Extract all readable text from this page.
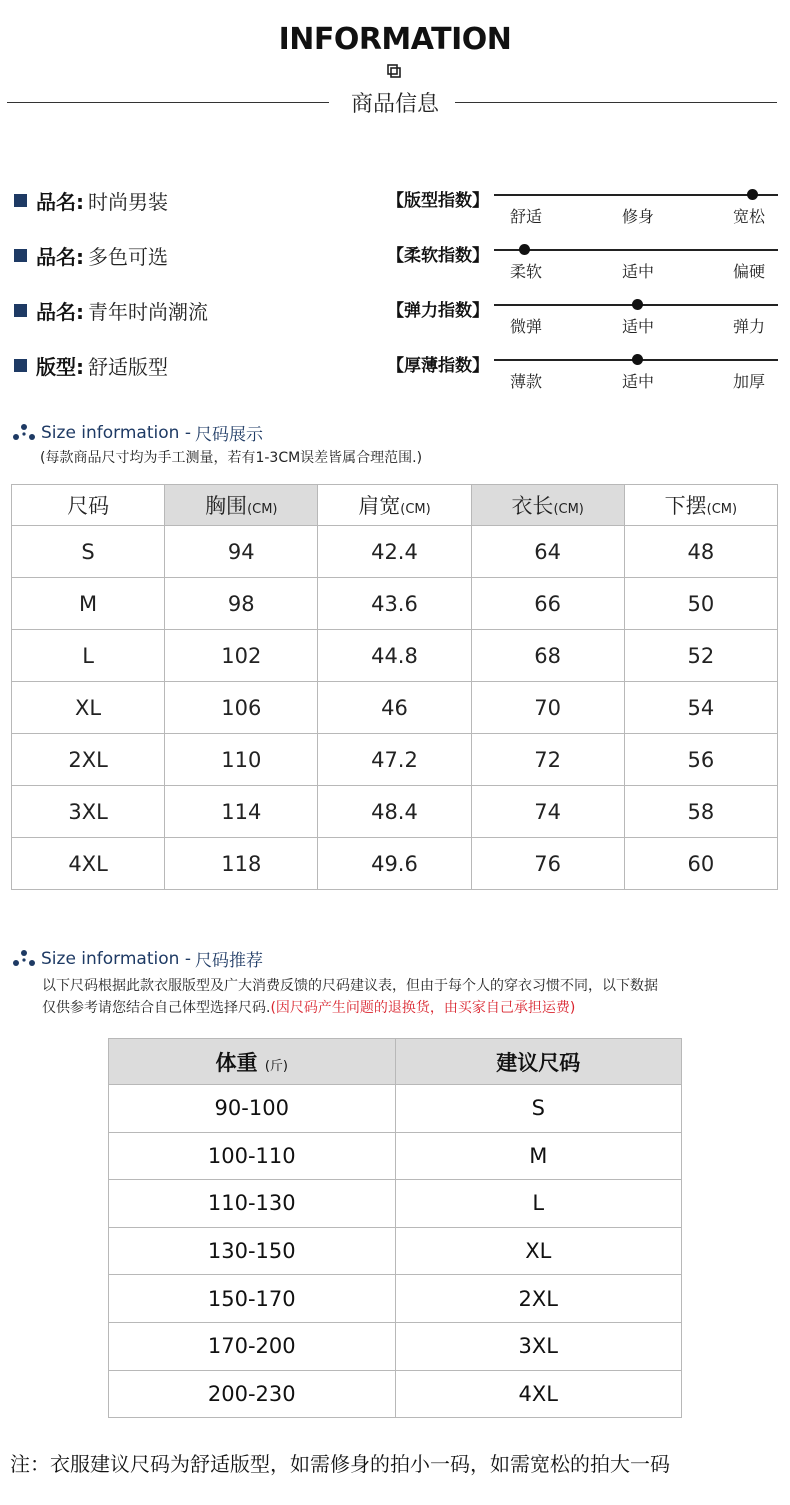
INFORMATION
商品信息
品名: 时尚男装
品名: 多色可选
品名: 青年时尚潮流
版型: 舒适版型
【版型指数】
舒适	修身	宽松
【柔软指数】
柔软	适中	偏硬
【弹力指数】
微弹	适中	弹力
【厚薄指数】
薄款	适中	加厚
Size information - 尺码展示
(每款商品尺寸均为手工测量，若有1-3CM误差皆属合理范围.)
尺码	胸围(CM)	肩宽(CM)	衣长(CM)	下摆(CM)
S	94	42.4	64	48
M	98	43.6	66	50
L	102	44.8	68	52
XL	106	46	70	54
2XL	110	47.2	72	56
3XL	114	48.4	74	58
4XL	118	49.6	76	60
Size information - 尺码推荐
以下尺码根据此款衣服版型及广大消费反馈的尺码建议表，但由于每个人的穿衣习惯不同，以下数据
仅供参考请您结合自己体型选择尺码.(因尺码产生问题的退换货，由买家自己承担运费)
体重 (斤)	建议尺码
90-100	S
100-110	M
110-130	L
130-150	XL
150-170	2XL
170-200	3XL
200-230	4XL
注：衣服建议尺码为舒适版型，如需修身的拍小一码，如需宽松的拍大一码
